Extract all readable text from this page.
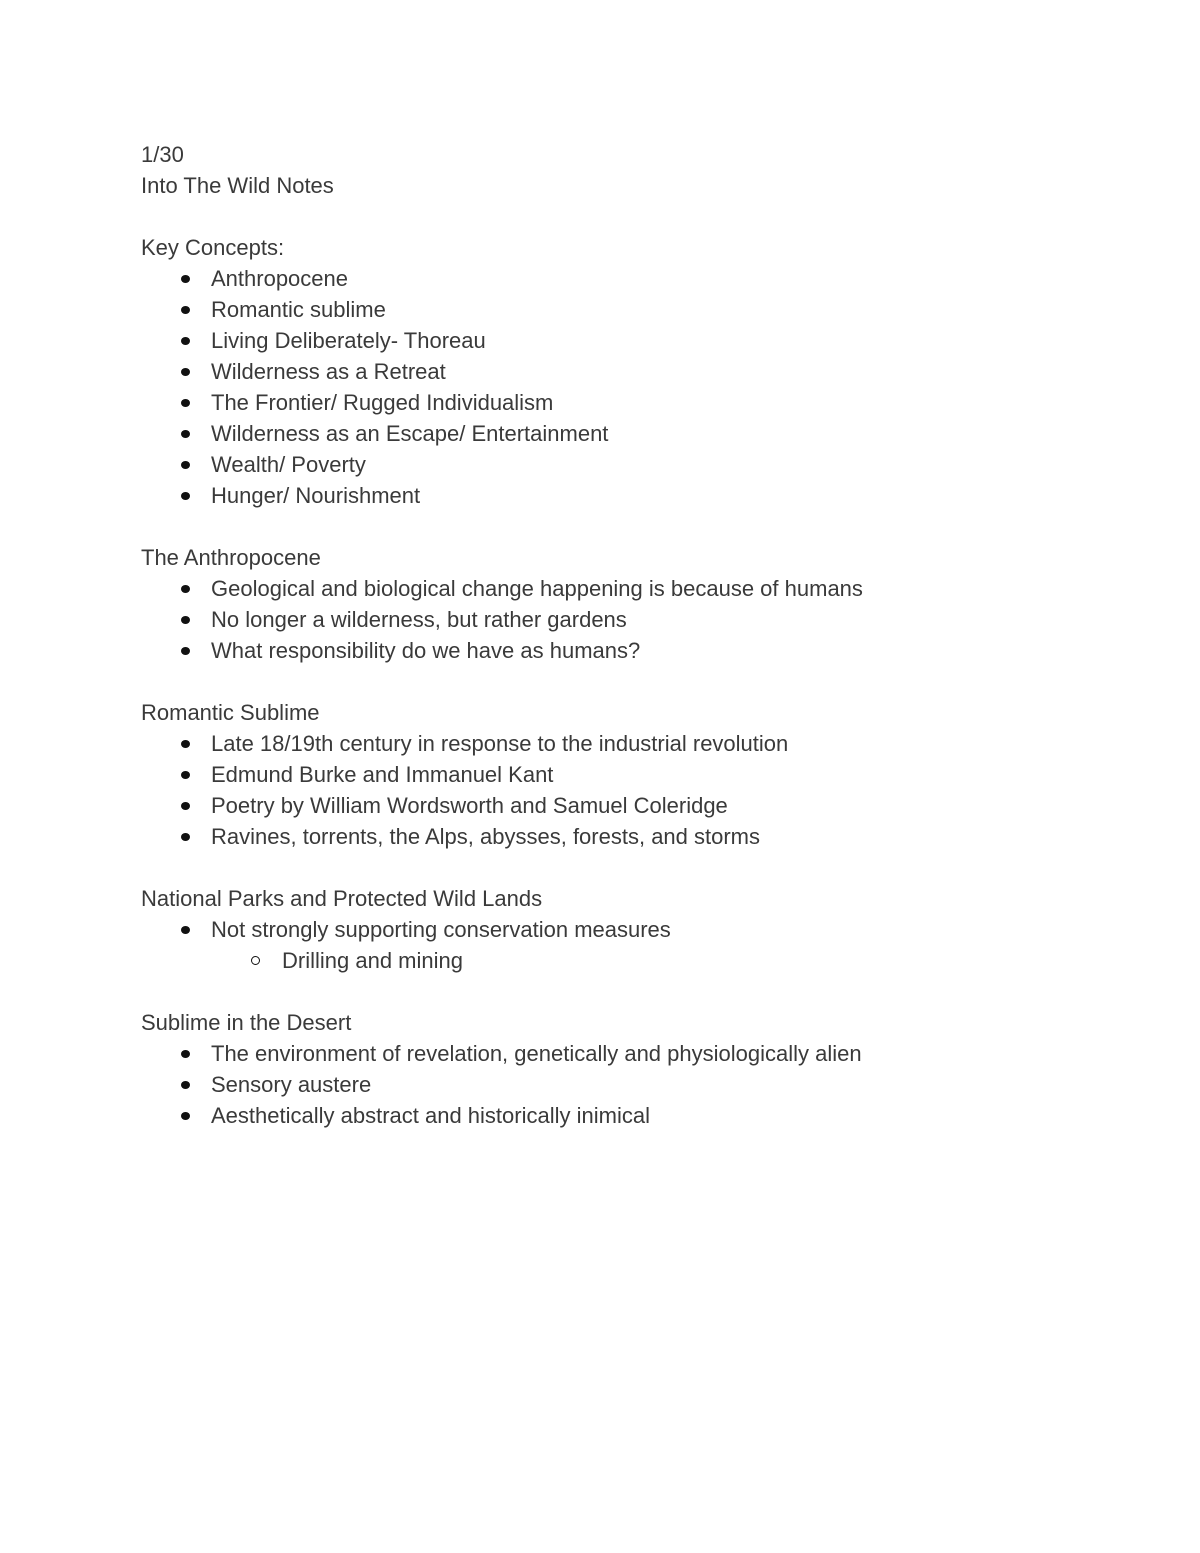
1/30
Into The Wild Notes
Key Concepts:
Anthropocene
Romantic sublime
Living Deliberately- Thoreau
Wilderness as a Retreat
The Frontier/ Rugged Individualism
Wilderness as an Escape/ Entertainment
Wealth/ Poverty
Hunger/ Nourishment
The Anthropocene
Geological and biological change happening is because of humans
No longer a wilderness, but rather gardens
What responsibility do we have as humans?
Romantic Sublime
Late 18/19th century in response to the industrial revolution
Edmund Burke and Immanuel Kant
Poetry by William Wordsworth and Samuel Coleridge
Ravines, torrents, the Alps, abysses, forests, and storms
National Parks and Protected Wild Lands
Not strongly supporting conservation measures
Drilling and mining
Sublime in the Desert
The environment of revelation, genetically and physiologically alien
Sensory austere
Aesthetically abstract and historically inimical
